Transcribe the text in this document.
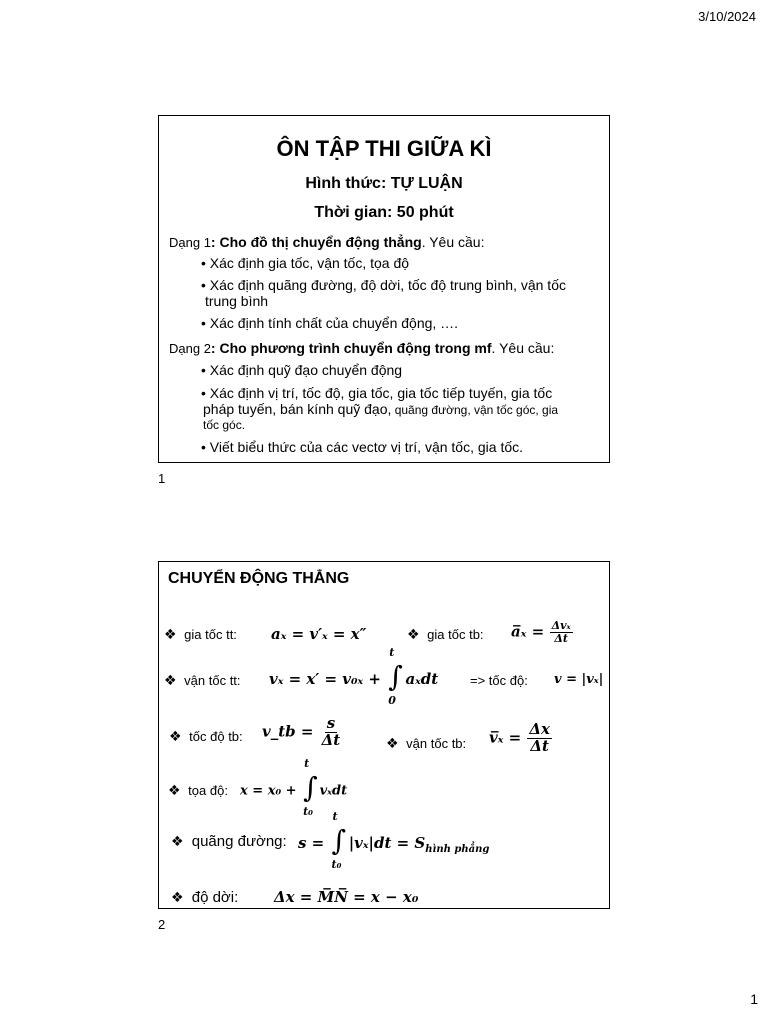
3/10/2024
ÔN TẬP THI GIỮA KÌ
Hình thức: TỰ LUẬN
Thời gian: 50 phút
Dạng 1: Cho đồ thị chuyển động thẳng. Yêu cầu:
• Xác định gia tốc, vận tốc, tọa độ
• Xác định quãng đường, độ dời, tốc độ trung bình, vận tốc
trung bình
• Xác định tính chất của chuyển động, ….
Dạng 2: Cho phương trình chuyển động trong mf. Yêu cầu:
• Xác định quỹ đạo chuyển động
• Xác định vị trí, tốc độ, gia tốc, gia tốc tiếp tuyến, gia tốc
pháp tuyến, bán kính quỹ đạo, quãng đường, vận tốc góc, gia
tốc góc.
• Viết biểu thức của các vectơ vị trí, vận tốc, gia tốc.
1
CHUYỂN ĐỘNG THẲNG
❖ gia tốc tt: aₓ = v′ₓ = x″	❖ gia tốc tb: a̅ₓ = $\frac{\text{Δvₓ}}{\Delta t}$
❖ vận tốc tt: vₓ = x′ = v₀ₓ + ∫
t
0
aₓdt => tốc độ: v = |vₓ|
❖ tốc độ tb: v_tb = $\frac{s}{\Delta t}$	❖ vận tốc tb: v̅ₓ = $\frac{\Delta x}{\Delta t}$
❖ tọa độ: x = x₀ + ∫
t
t₀
vₓdt
❖ quãng đường: s = ∫
t
t₀
$|v_x|dt = S_{hình phẳng}$
❖ độ dời: Δx = M̅N̅ = x − x₀
2
1
